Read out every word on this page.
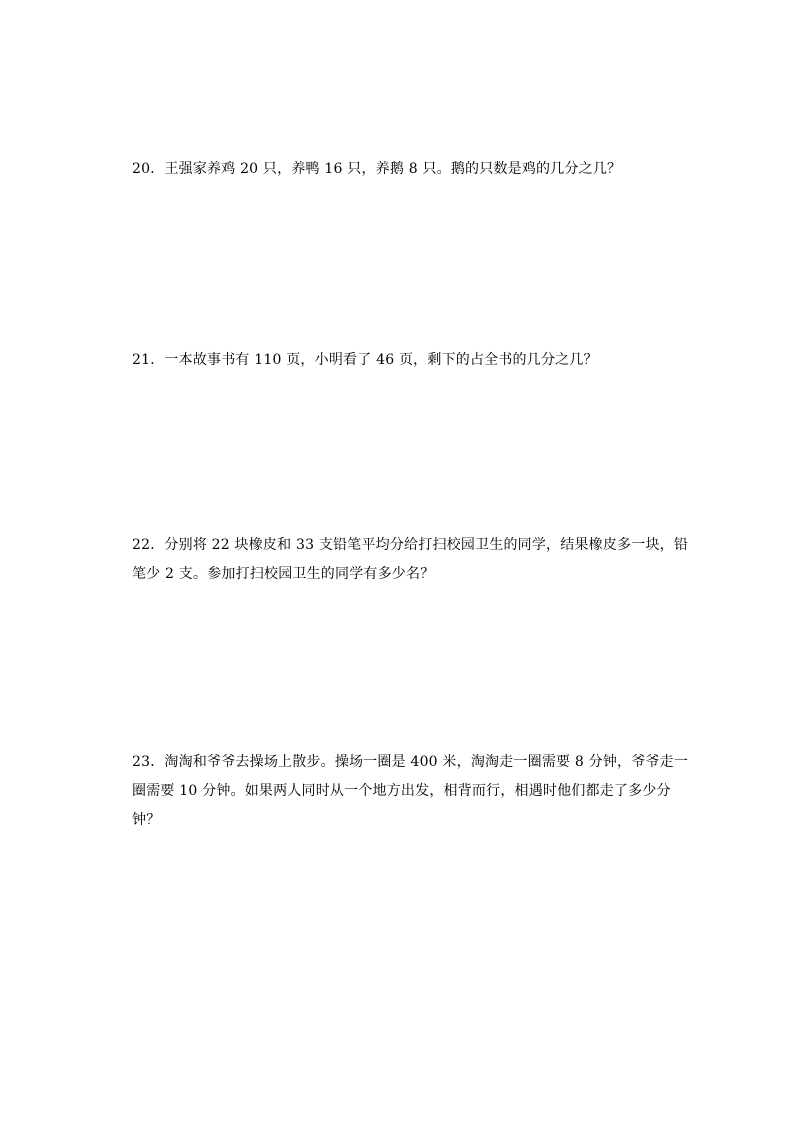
20．王强家养鸡 20 只，养鸭 16 只，养鹅 8 只。鹅的只数是鸡的几分之几？

21．一本故事书有 110 页，小明看了 46 页，剩下的占全书的几分之几？

22．分别将 22 块橡皮和 33 支铅笔平均分给打扫校园卫生的同学，结果橡皮多一块，铅

笔少 2 支。参加打扫校园卫生的同学有多少名？

23．淘淘和爷爷去操场上散步。操场一圈是 400 米，淘淘走一圈需要 8 分钟，爷爷走一

圈需要 10 分钟。如果两人同时从一个地方出发，相背而行，相遇时他们都走了多少分

钟？
